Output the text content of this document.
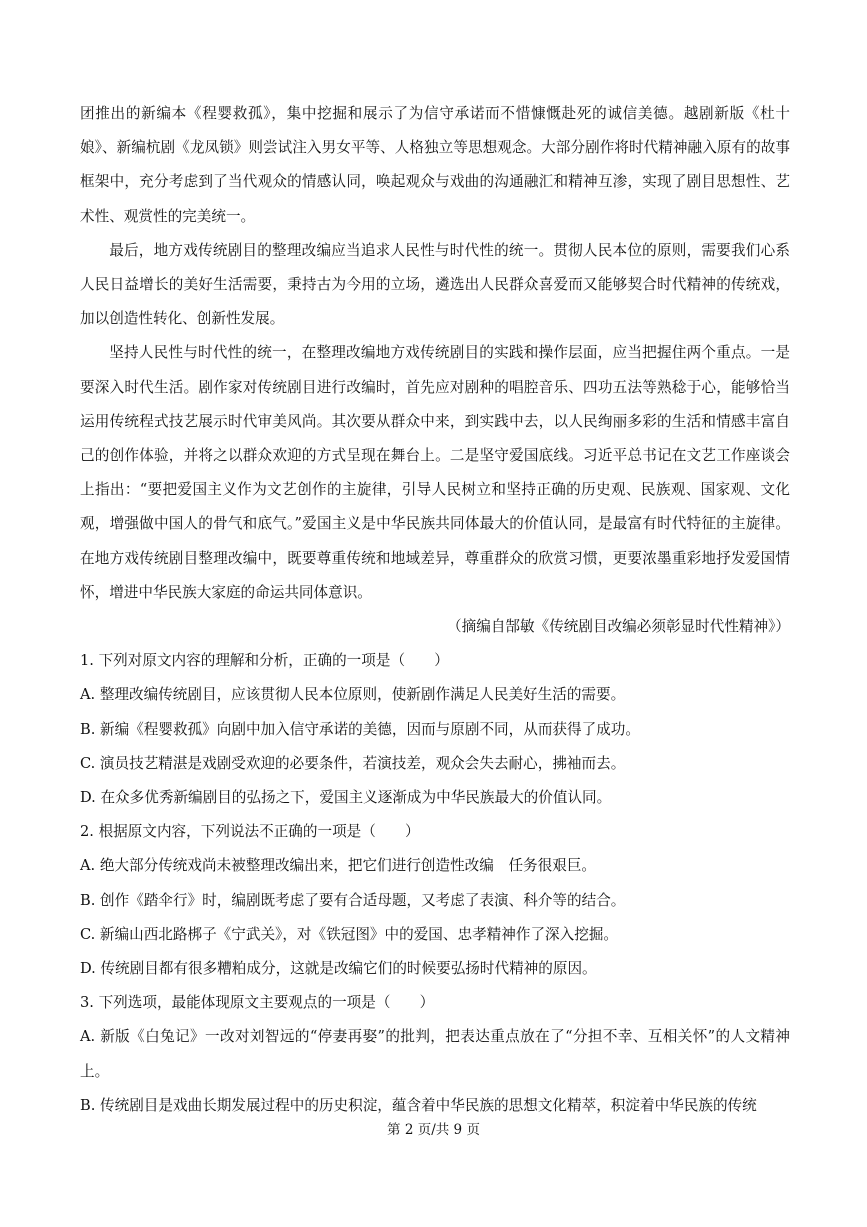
团推出的新编本《程婴救孤》，集中挖掘和展示了为信守承诺而不惜慷慨赴死的诚信美德。越剧新版《杜十娘》、新编杭剧《龙凤锁》则尝试注入男女平等、人格独立等思想观念。大部分剧作将时代精神融入原有的故事框架中，充分考虑到了当代观众的情感认同，唤起观众与戏曲的沟通融汇和精神互渗，实现了剧目思想性、艺术性、观赏性的完美统一。

最后，地方戏传统剧目的整理改编应当追求人民性与时代性的统一。贯彻人民本位的原则，需要我们心系人民日益增长的美好生活需要，秉持古为今用的立场，遴选出人民群众喜爱而又能够契合时代精神的传统戏，加以创造性转化、创新性发展。

坚持人民性与时代性的统一，在整理改编地方戏传统剧目的实践和操作层面，应当把握住两个重点。一是要深入时代生活。剧作家对传统剧目进行改编时，首先应对剧种的唱腔音乐、四功五法等熟稔于心，能够恰当运用传统程式技艺展示时代审美风尚。其次要从群众中来，到实践中去，以人民绚丽多彩的生活和情感丰富自己的创作体验，并将之以群众欢迎的方式呈现在舞台上。二是坚守爱国底线。习近平总书记在文艺工作座谈会上指出：“要把爱国主义作为文艺创作的主旋律，引导人民树立和坚持正确的历史观、民族观、国家观、文化观，增强做中国人的骨气和底气。”爱国主义是中华民族共同体最大的价值认同，是最富有时代特征的主旋律。在地方戏传统剧目整理改编中，既要尊重传统和地域差异，尊重群众的欣赏习惯，更要浓墨重彩地抒发爱国情怀，增进中华民族大家庭的命运共同体意识。

（摘编自郜敏《传统剧目改编必须彰显时代性精神》）

1. 下列对原文内容的理解和分析，正确的一项是（　　）

A. 整理改编传统剧目，应该贯彻人民本位原则，使新剧作满足人民美好生活的需要。

B. 新编《程婴救孤》向剧中加入信守承诺的美德，因而与原剧不同，从而获得了成功。

C. 演员技艺精湛是戏剧受欢迎的必要条件，若演技差，观众会失去耐心，拂袖而去。

D. 在众多优秀新编剧目的弘扬之下，爱国主义逐渐成为中华民族最大的价值认同。

2. 根据原文内容，下列说法不正确的一项是（　　）

A. 绝大部分传统戏尚未被整理改编出来，把它们进行创造性改编　任务很艰巨。

B. 创作《踏伞行》时，编剧既考虑了要有合适母题，又考虑了表演、科介等的结合。

C. 新编山西北路梆子《宁武关》，对《铁冠图》中的爱国、忠孝精神作了深入挖掘。

D. 传统剧目都有很多糟粕成分，这就是改编它们的时候要弘扬时代精神的原因。

3. 下列选项，最能体现原文主要观点的一项是（　　）

A. 新版《白兔记》一改对刘智远的“停妻再娶”的批判，把表达重点放在了“分担不幸、互相关怀”的人文精神上。

B. 传统剧目是戏曲长期发展过程中的历史积淀，蕴含着中华民族的思想文化精萃，积淀着中华民族的传统

第 2 页/共 9 页
